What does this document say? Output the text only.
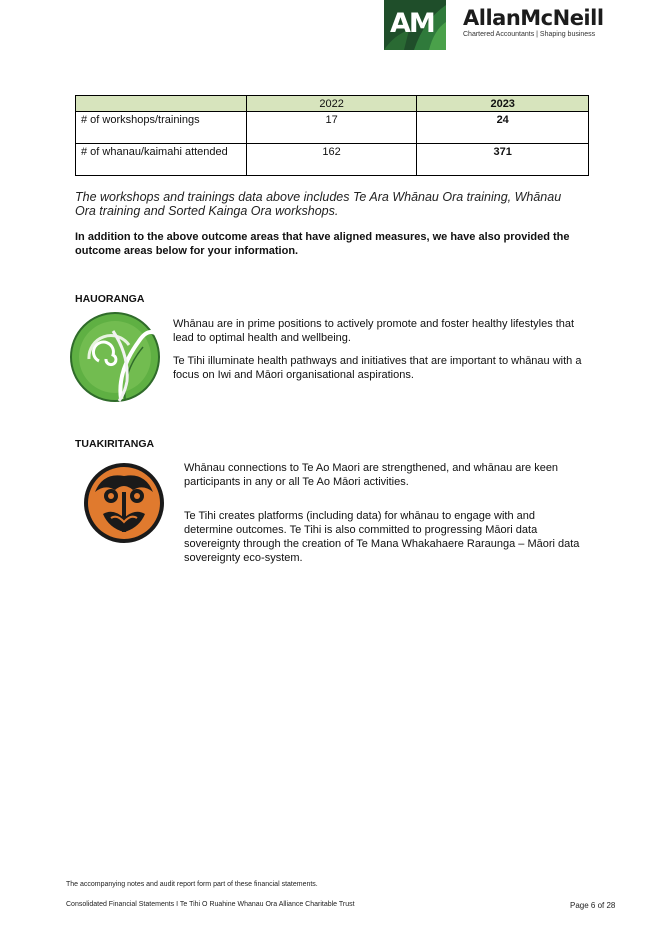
AM AllanMcNeill
Chartered Accountants | Shaping business
	2022	2023
# of workshops/trainings	17	24
# of whanau/kaimahi attended	162	371
The workshops and trainings data above includes Te Ara Whānau Ora training, Whānau Ora training and Sorted Kainga Ora workshops.
In addition to the above outcome areas that have aligned measures, we have also provided the outcome areas below for your information.
HAUORANGA
Whānau are in prime positions to actively promote and foster healthy lifestyles that lead to optimal health and wellbeing.
Te Tihi illuminate health pathways and initiatives that are important to whānau with a focus on Iwi and Māori organisational aspirations.
TUAKIRITANGA
Whānau connections to Te Ao Maori are strengthened, and whānau are keen participants in any or all Te Ao Māori activities.
Te Tihi creates platforms (including data) for whānau to engage with and determine outcomes. Te Tihi is also committed to progressing Māori data sovereignty through the creation of Te Mana Whakahaere Raraunga – Māori data sovereignty eco-system.
The accompanying notes and audit report form part of these financial statements.
Consolidated Financial Statements I Te Tihi O Ruahine Whanau Ora Alliance Charitable Trust	Page 6 of 28
